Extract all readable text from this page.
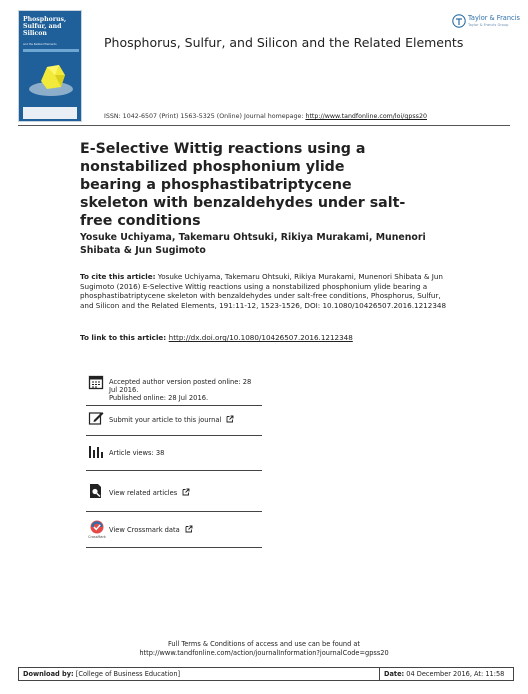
Phosphorus, Sulfur, and Silicon
and the Related Elements	Phosphorus, Sulfur, and Silicon and the Related Elements
Taylor & Francis
Taylor & Francis Group
ISSN: 1042-6507 (Print) 1563-5325 (Online) Journal homepage: http://www.tandfonline.com/loi/gpss20
E-Selective Wittig reactions using a nonstabilized phosphonium ylide bearing a phosphastibatriptycene skeleton with benzaldehydes under salt-free conditions
Yosuke Uchiyama, Takemaru Ohtsuki, Rikiya Murakami, Munenori Shibata & Jun Sugimoto
To cite this article: Yosuke Uchiyama, Takemaru Ohtsuki, Rikiya Murakami, Munenori Shibata & Jun Sugimoto (2016) E-Selective Wittig reactions using a nonstabilized phosphonium ylide bearing a phosphastibatriptycene skeleton with benzaldehydes under salt-free conditions, Phosphorus, Sulfur, and Silicon and the Related Elements, 191:11-12, 1523-1526, DOI: 10.1080/10426507.2016.1212348
To link to this article: http://dx.doi.org/10.1080/10426507.2016.1212348
Accepted author version posted online: 28 Jul 2016.
Published online: 28 Jul 2016.
Submit your article to this journal
Article views: 38
View related articles
CrossMark
View Crossmark data
Full Terms & Conditions of access and use can be found at
http://www.tandfonline.com/action/journalInformation?journalCode=gpss20
Download by: [College of Business Education]	Date: 04 December 2016, At: 11:58
